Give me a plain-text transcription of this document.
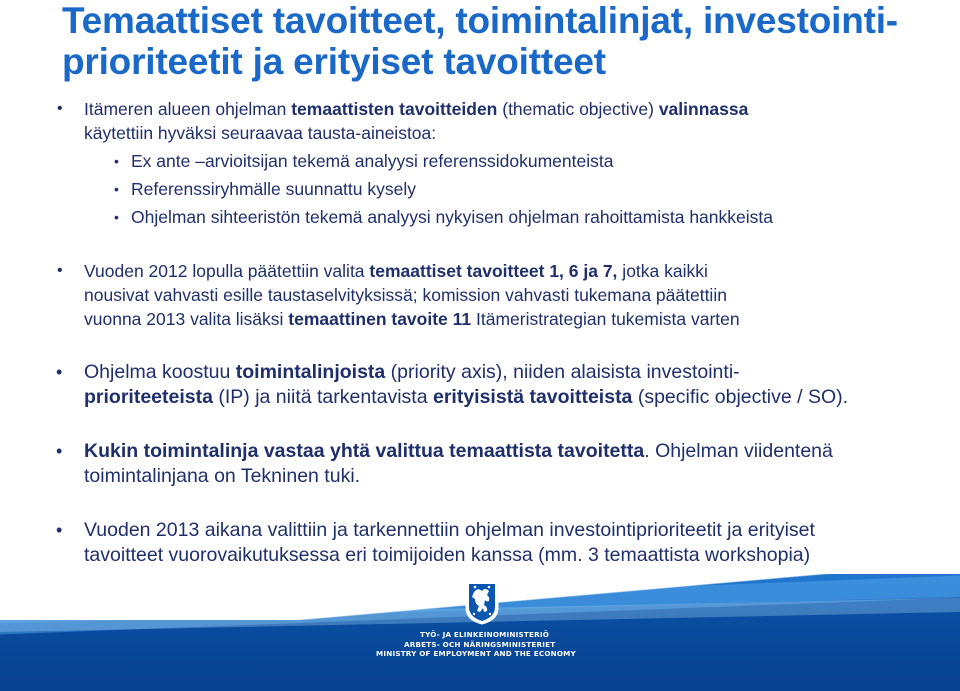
Temaattiset tavoitteet, toimintalinjat, investointi-prioriteetit ja erityiset tavoitteet
• Itämeren alueen ohjelman temaattisten tavoitteiden (thematic objective) valinnassa
käytettiin hyväksi seuraavaa tausta-aineistoa:
• Ex ante –arvioitsijan tekemä analyysi referenssidokumenteista
• Referenssiryhmälle suunnattu kysely
• Ohjelman sihteeristön tekemä analyysi nykyisen ohjelman rahoittamista hankkeista
• Vuoden 2012 lopulla päätettiin valita temaattiset tavoitteet 1, 6 ja 7, jotka kaikki
nousivat vahvasti esille taustaselvityksissä; komission vahvasti tukemana päätettiin
vuonna 2013 valita lisäksi temaattinen tavoite 11 Itämeristrategian tukemista varten
• Ohjelma koostuu toimintalinjoista (priority axis), niiden alaisista investointi-
prioriteeteista (IP) ja niitä tarkentavista erityisistä tavoitteista (specific objective / SO).
• Kukin toimintalinja vastaa yhtä valittua temaattista tavoitetta. Ohjelman viidentenä
toimintalinjana on Tekninen tuki.
• Vuoden 2013 aikana valittiin ja tarkennettiin ohjelman investointiprioriteetit ja erityiset
tavoitteet vuorovaikutuksessa eri toimijoiden kanssa (mm. 3 temaattista workshopia)
TYÖ- JA ELINKEINOMINISTERIÖ
ARBETS- OCH NÄRINGSMINISTERIET
MINISTRY OF EMPLOYMENT AND THE ECONOMY
